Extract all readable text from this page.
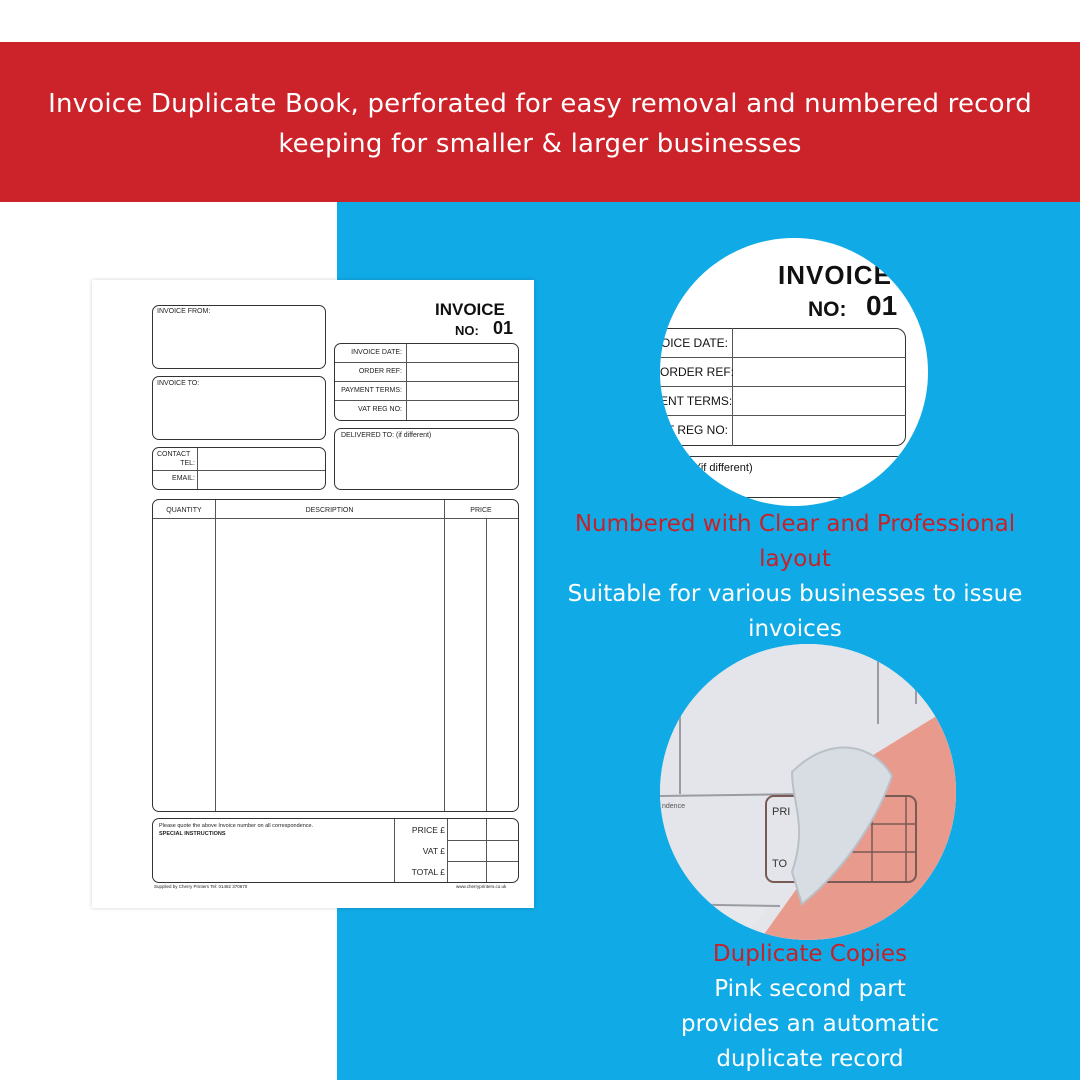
Invoice Duplicate Book, perforated for easy removal and numbered record
keeping for smaller & larger businesses
INVOICE
NO: 01
INVOICE FROM:
INVOICE TO:
CONTACT
TEL:
EMAIL:
INVOICE DATE:
ORDER REF:
PAYMENT TERMS:
VAT REG NO:
DELIVERED TO: (if different)
QUANTITY	DESCRIPTION	PRICE
Please quote the above Invoice number on all correspondence.
SPECIAL INSTRUCTIONS	PRICE £
VAT £
TOTAL £
Supplied by Cherry Printers Tel: 01482 370670	www.cherryprinters.co.uk
INVOICE
NO: 01
OICE DATE:
ORDER REF:
ENT TERMS:
T REG NO:
TO: (if different)
Numbered with Clear and Professional
layout
Suitable for various businesses to issue
invoices
ndence	PRI
TO
Duplicate Copies
Pink second part
provides an automatic
duplicate record
